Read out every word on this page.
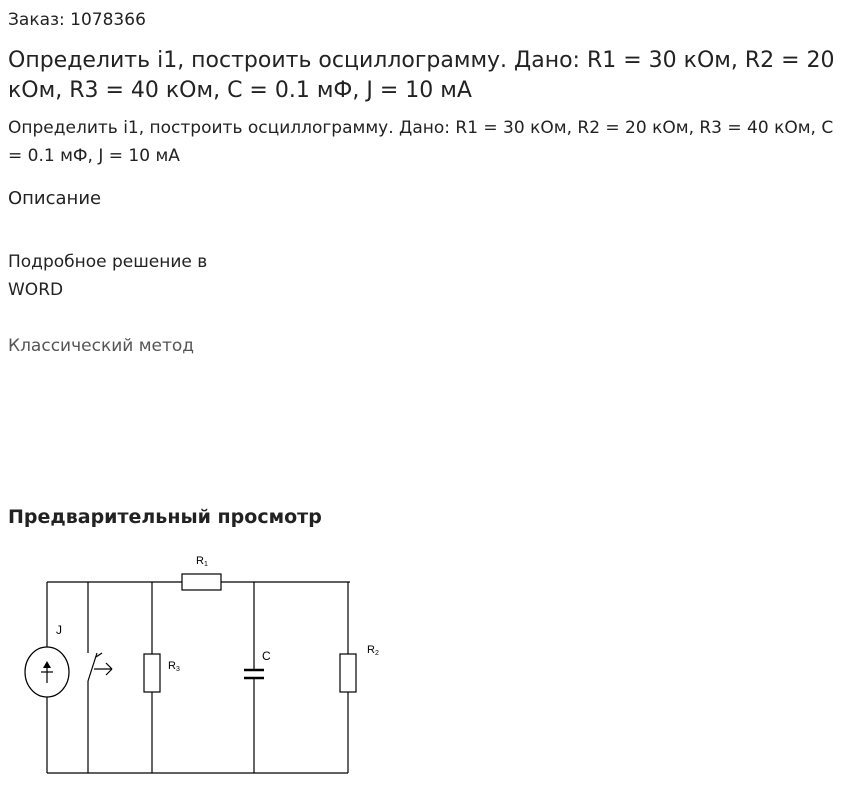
Заказ: 1078366
Определить i1, построить осциллограмму. Дано: R1 = 30 кОм, R2 = 20 кОм, R3 = 40 кОм, C = 0.1 мФ, J = 10 мА
Определить i1, построить осциллограмму. Дано: R1 = 30 кОм, R2 = 20 кОм, R3 = 40 кОм, C = 0.1 мФ, J = 10 мА
Описание
Подробное решение в WORD
Классический метод
Предварительный просмотр
R1
J
R3
C	R2
